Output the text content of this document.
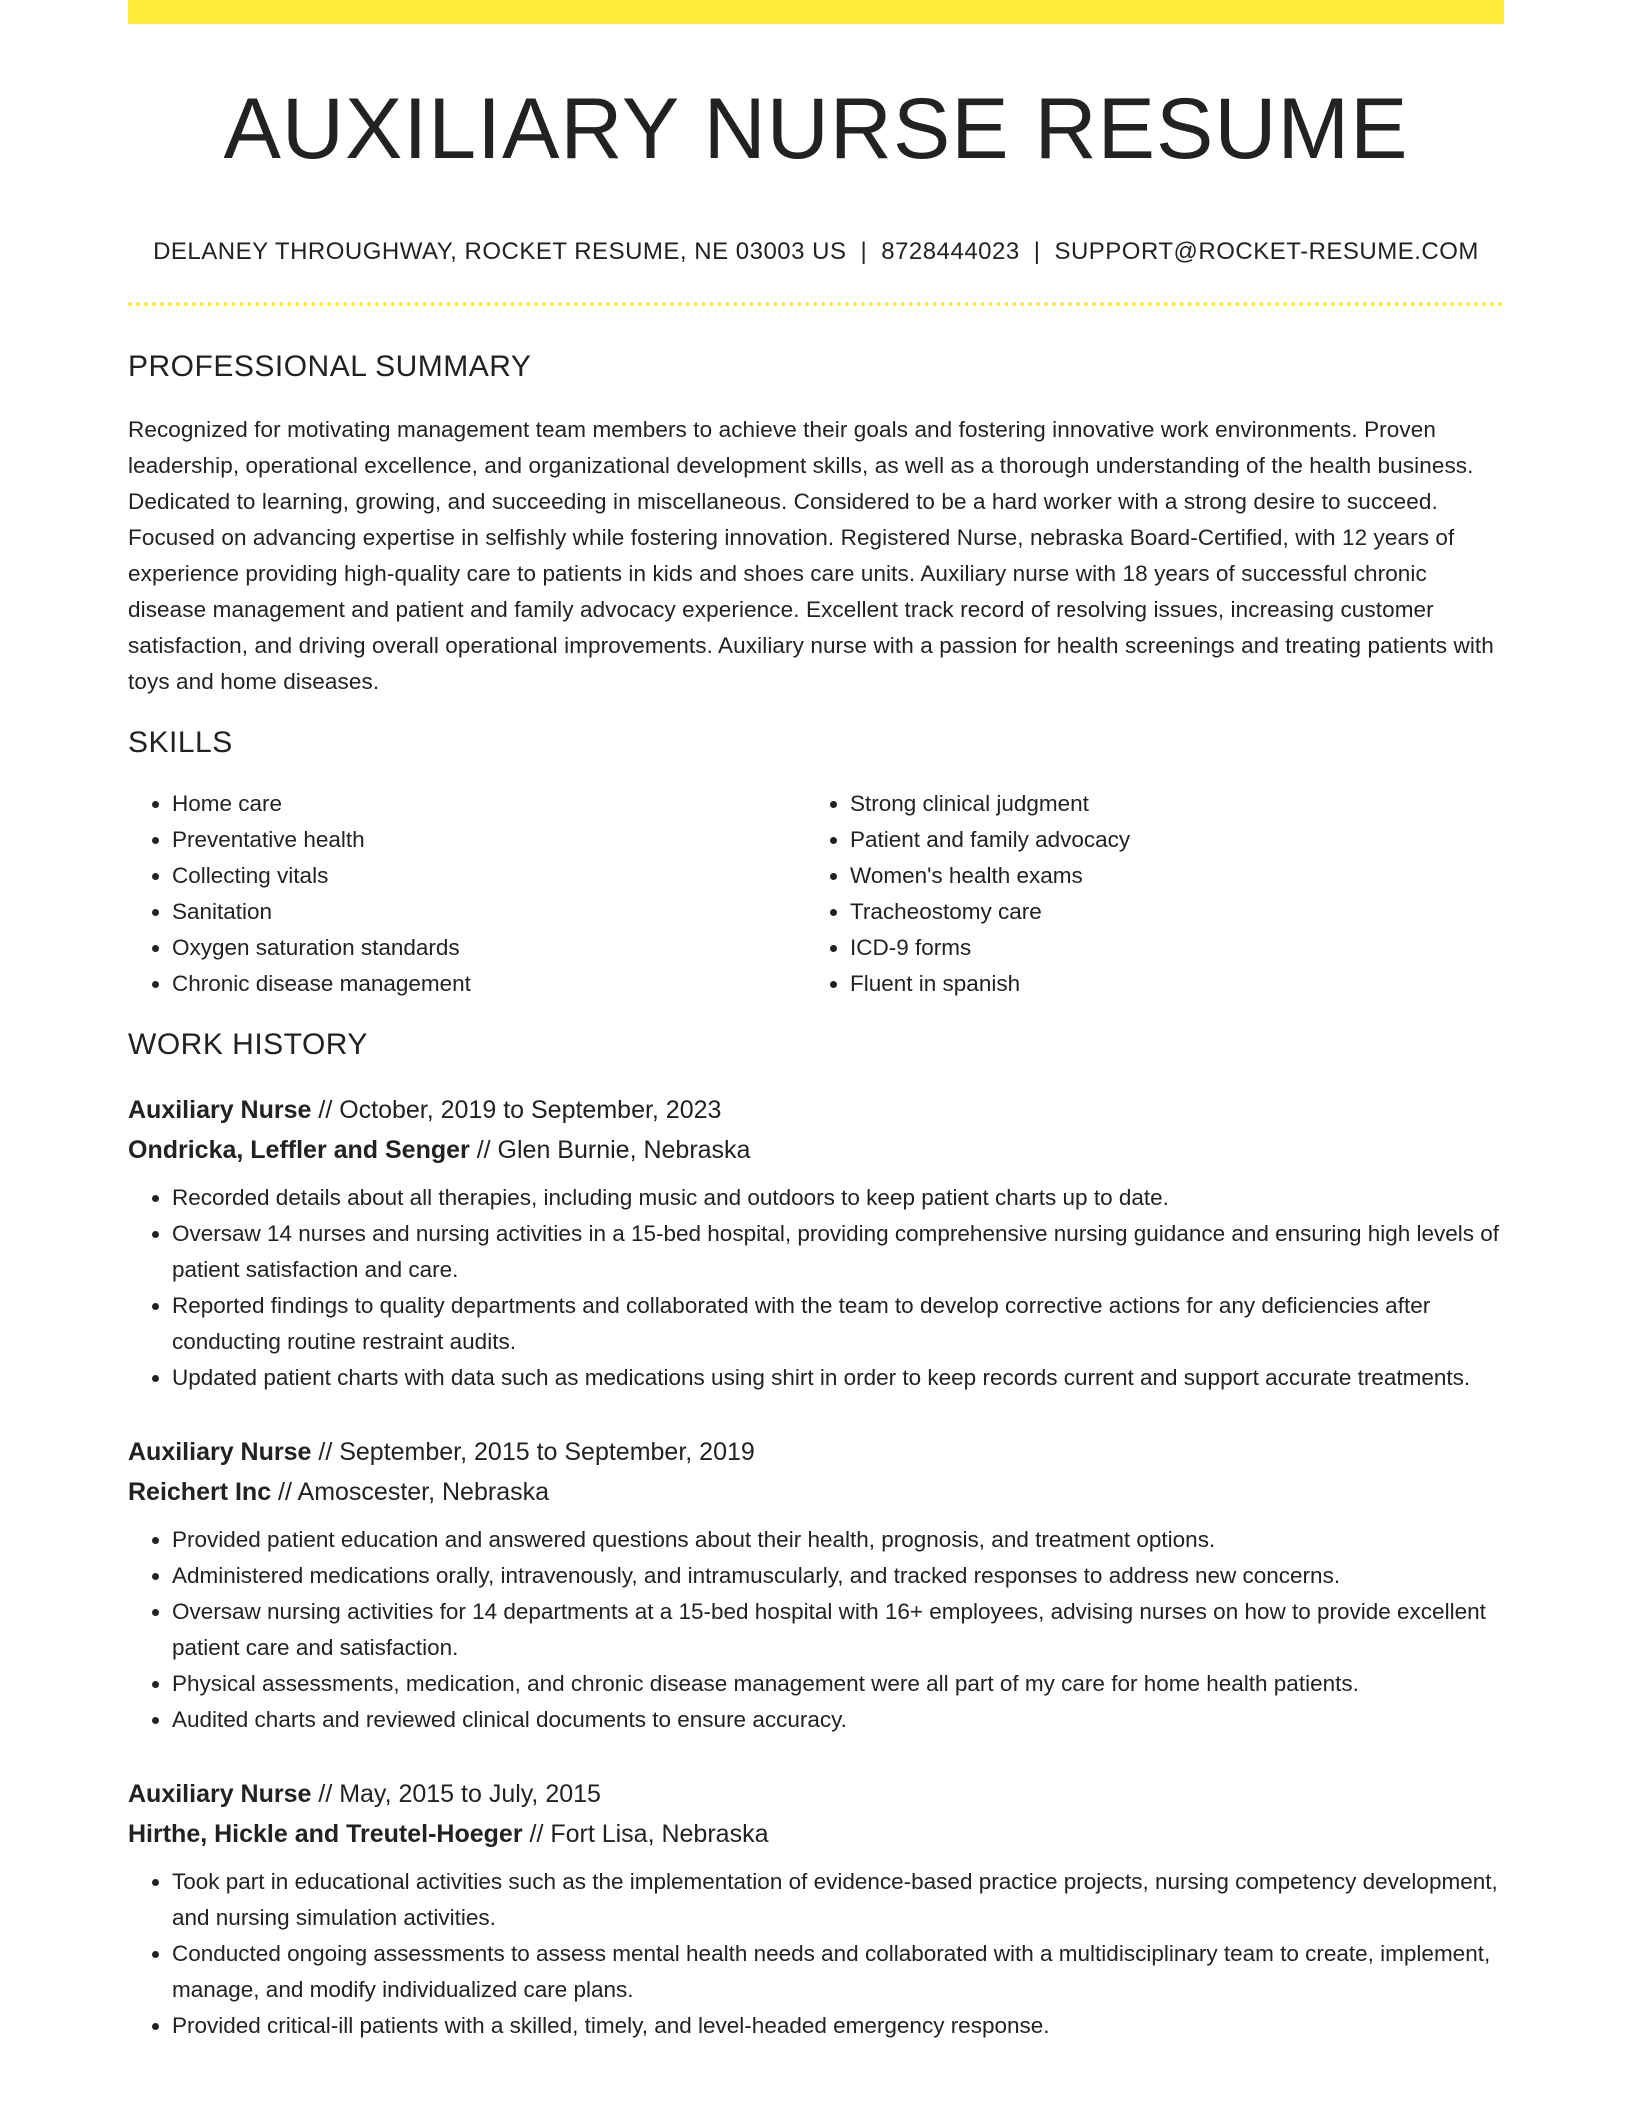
AUXILIARY NURSE RESUME
DELANEY THROUGHWAY, ROCKET RESUME, NE 03003 US | 8728444023 | SUPPORT@ROCKET-RESUME.COM
PROFESSIONAL SUMMARY

Recognized for motivating management team members to achieve their goals and fostering innovative work environments. Proven leadership, operational excellence, and organizational development skills, as well as a thorough understanding of the health business. Dedicated to learning, growing, and succeeding in miscellaneous. Considered to be a hard worker with a strong desire to succeed. Focused on advancing expertise in selfishly while fostering innovation. Registered Nurse, nebraska Board-Certified, with 12 years of experience providing high-quality care to patients in kids and shoes care units. Auxiliary nurse with 18 years of successful chronic disease management and patient and family advocacy experience. Excellent track record of resolving issues, increasing customer satisfaction, and driving overall operational improvements. Auxiliary nurse with a passion for health screenings and treating patients with toys and home diseases.

SKILLS
• Home care
• Preventative health
• Collecting vitals
• Sanitation
• Oxygen saturation standards
• Chronic disease management
• Strong clinical judgment
• Patient and family advocacy
• Women's health exams
• Tracheostomy care
• ICD-9 forms
• Fluent in spanish
WORK HISTORY
Auxiliary Nurse // October, 2019 to September, 2023
Ondricka, Leffler and Senger // Glen Burnie, Nebraska
• Recorded details about all therapies, including music and outdoors to keep patient charts up to date.
• Oversaw 14 nurses and nursing activities in a 15-bed hospital, providing comprehensive nursing guidance and ensuring high levels of patient satisfaction and care.
• Reported findings to quality departments and collaborated with the team to develop corrective actions for any deficiencies after conducting routine restraint audits.
• Updated patient charts with data such as medications using shirt in order to keep records current and support accurate treatments.
Auxiliary Nurse // September, 2015 to September, 2019
Reichert Inc // Amoscester, Nebraska
• Provided patient education and answered questions about their health, prognosis, and treatment options.
• Administered medications orally, intravenously, and intramuscularly, and tracked responses to address new concerns.
• Oversaw nursing activities for 14 departments at a 15-bed hospital with 16+ employees, advising nurses on how to provide excellent patient care and satisfaction.
• Physical assessments, medication, and chronic disease management were all part of my care for home health patients.
• Audited charts and reviewed clinical documents to ensure accuracy.
Auxiliary Nurse // May, 2015 to July, 2015
Hirthe, Hickle and Treutel-Hoeger // Fort Lisa, Nebraska
• Took part in educational activities such as the implementation of evidence-based practice projects, nursing competency development, and nursing simulation activities.
• Conducted ongoing assessments to assess mental health needs and collaborated with a multidisciplinary team to create, implement, manage, and modify individualized care plans.
• Provided critical-ill patients with a skilled, timely, and level-headed emergency response.
